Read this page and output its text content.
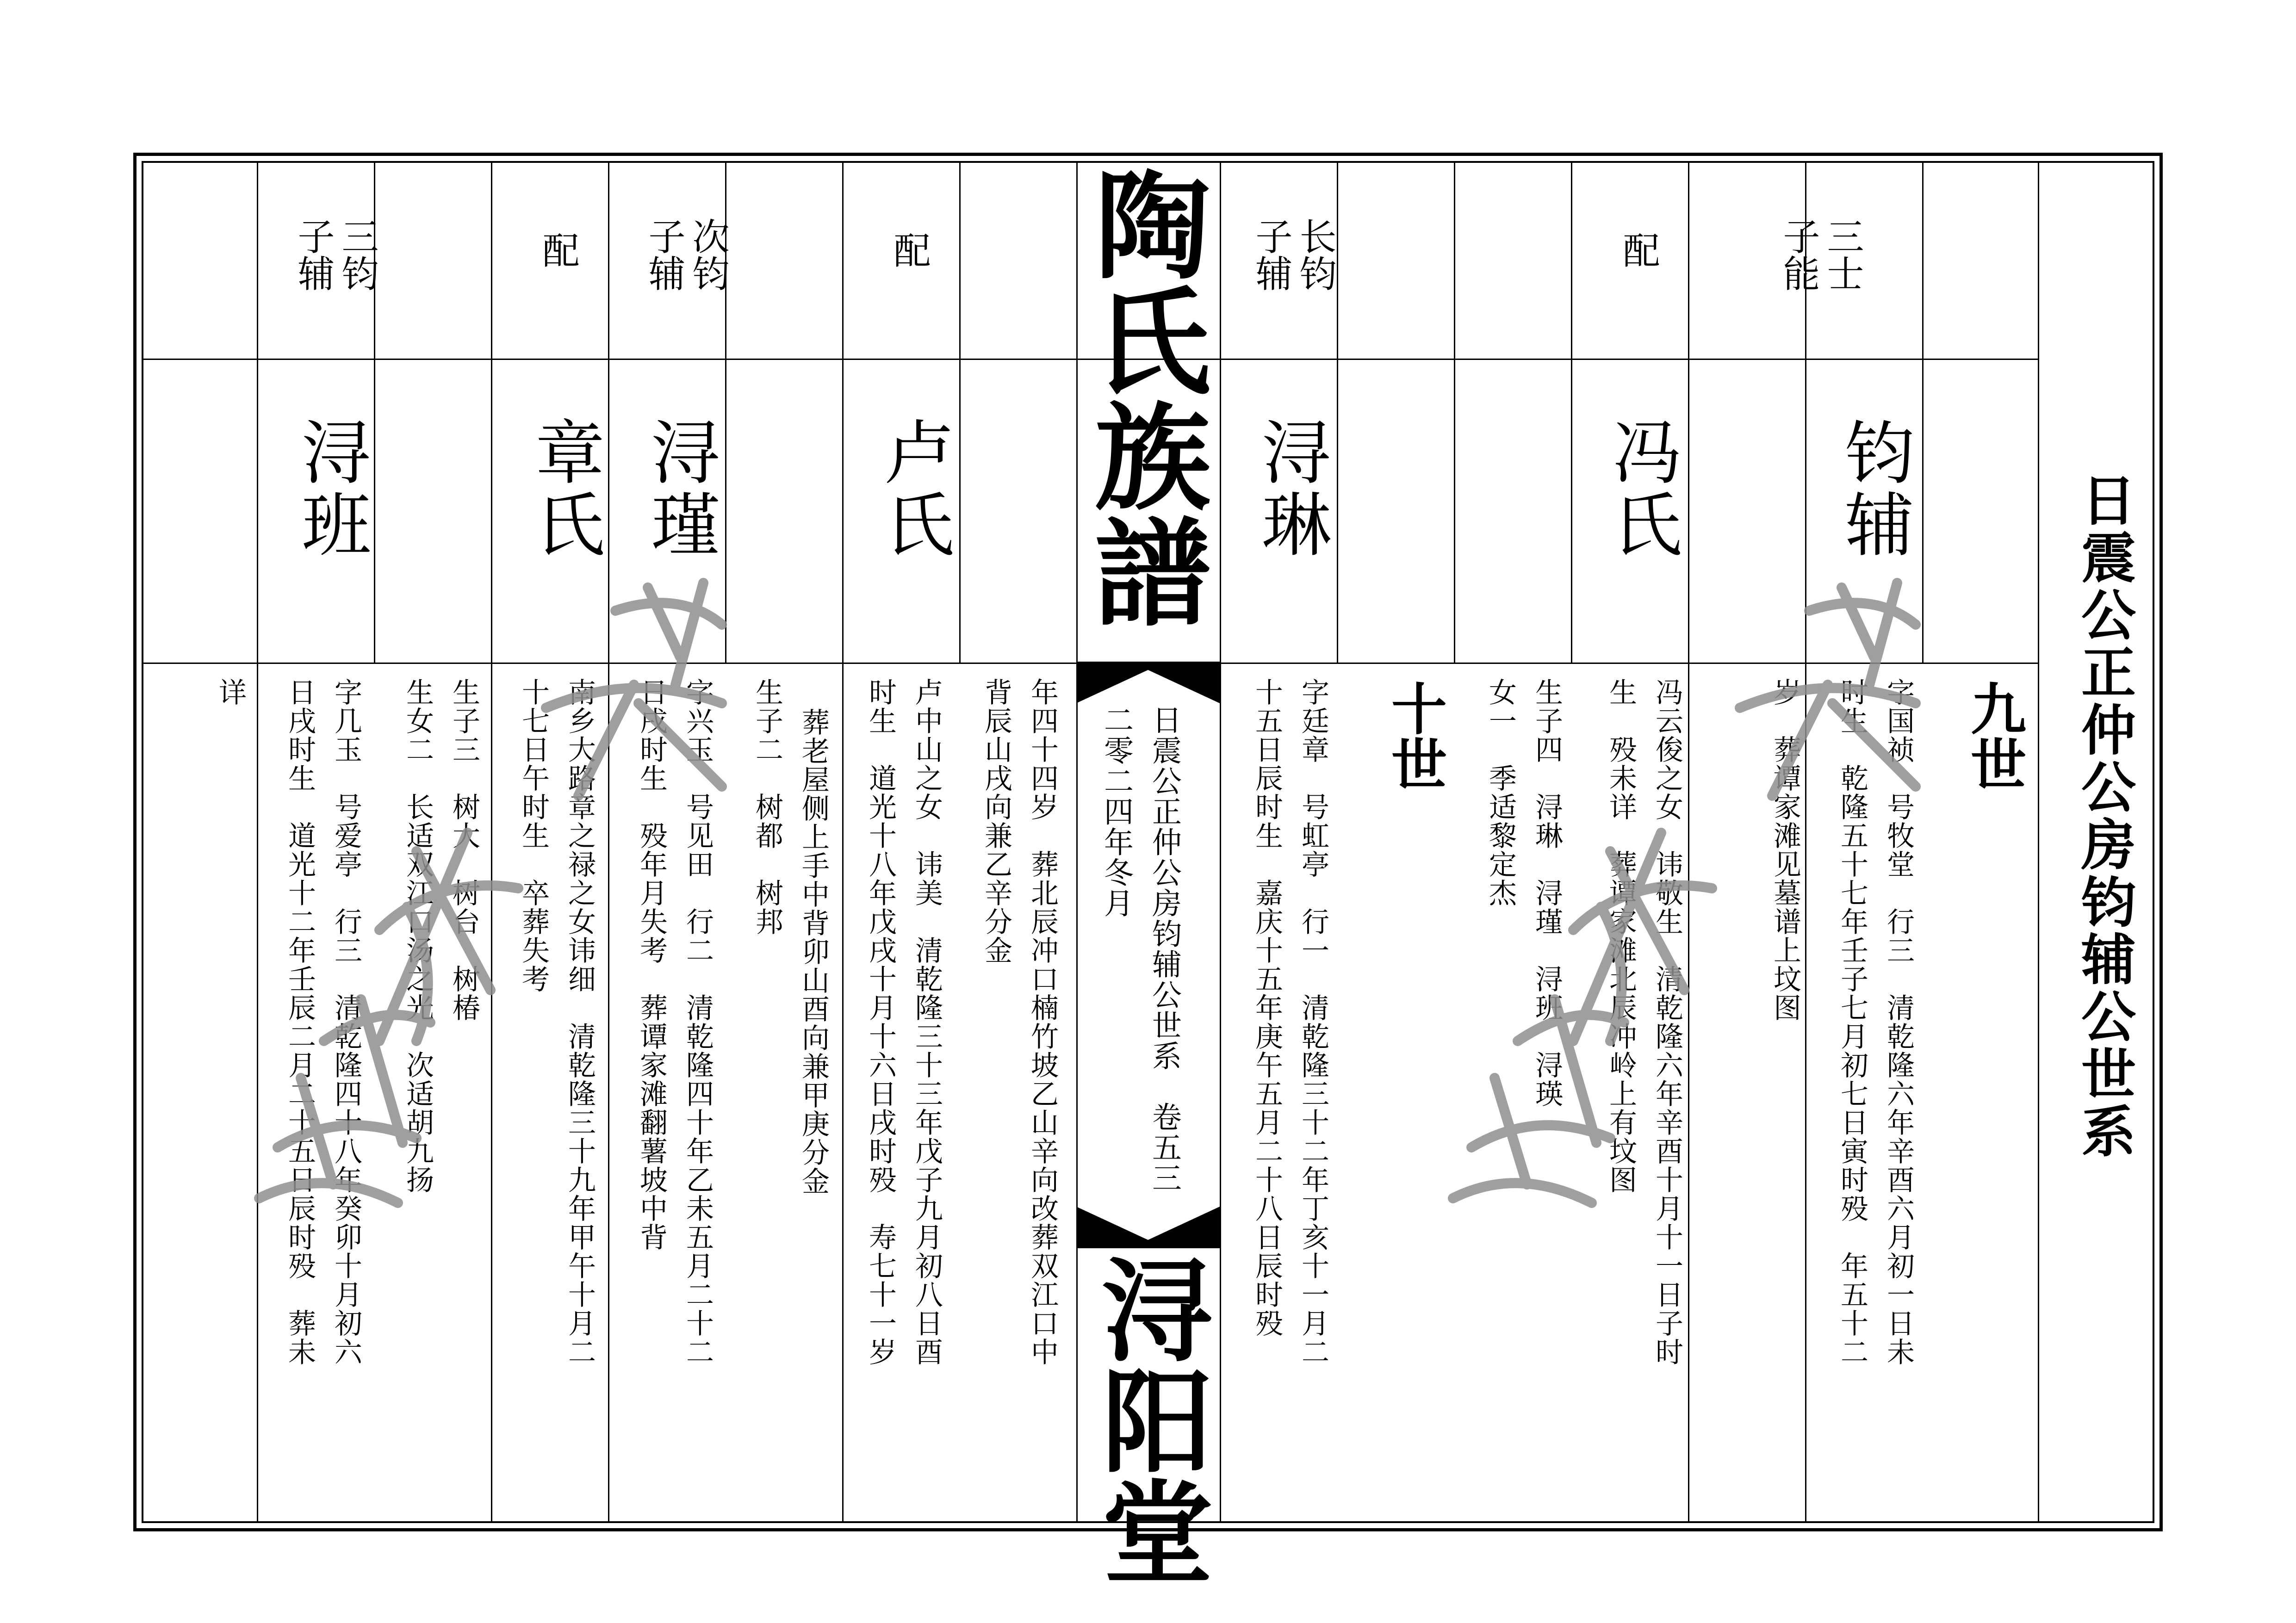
陶氏族譜
日震公正仲公房钧辅公世系　卷五三
二零二四年冬月
浔阳堂
日震公正仲公房钧辅公世系
九世
三士
子能
钧辅
字国祯　号牧堂　行三　清乾隆六年辛酉六月初一日未
时生　乾隆五十七年壬子七月初七日寅时殁　年五十二
岁　葬谭家滩见墓谱上坟图
配
冯氏
冯云俊之女　讳敬生　清乾隆六年辛酉十月十一日子时
生　殁未详　葬谭家滩北辰冲岭上有坟图
生子四　浔琳　浔瑾　浔班　浔瑛
女一　季适黎定杰
十世
长钧
子辅
浔琳
字廷章　号虹亭　行一　清乾隆三十二年丁亥十一月二
十五日辰时生　嘉庆十五年庚午五月二十八日辰时殁
配
卢氏
年四十四岁　葬北辰冲口楠竹坡乙山辛向改葬双江口中
背辰山戌向兼乙辛分金
卢中山之女　讳美　清乾隆三十三年戊子九月初八日酉
时生　道光十八年戊戌十月十六日戌时殁　寿七十一岁
次钧
子辅
浔瑾
葬老屋侧上手中背卯山酉向兼甲庚分金
生子二　树都　树邦
字兴玉　号见田　行二　清乾隆四十年乙未五月二十二
日戌时生　殁年月失考　葬谭家滩翻薯坡中背
配
章氏
南乡大路章之禄之女讳细　清乾隆三十九年甲午十月二
十七日午时生　卒葬失考
生子三　树大　树台　树椿
生女二　长适双江口汤之光　次适胡九扬
三钧
子辅
浔班
字几玉　号爱亭　行三　清乾隆四十八年癸卯十月初六
日戌时生　道光十二年壬辰二月二十五日辰时殁　葬未
详
